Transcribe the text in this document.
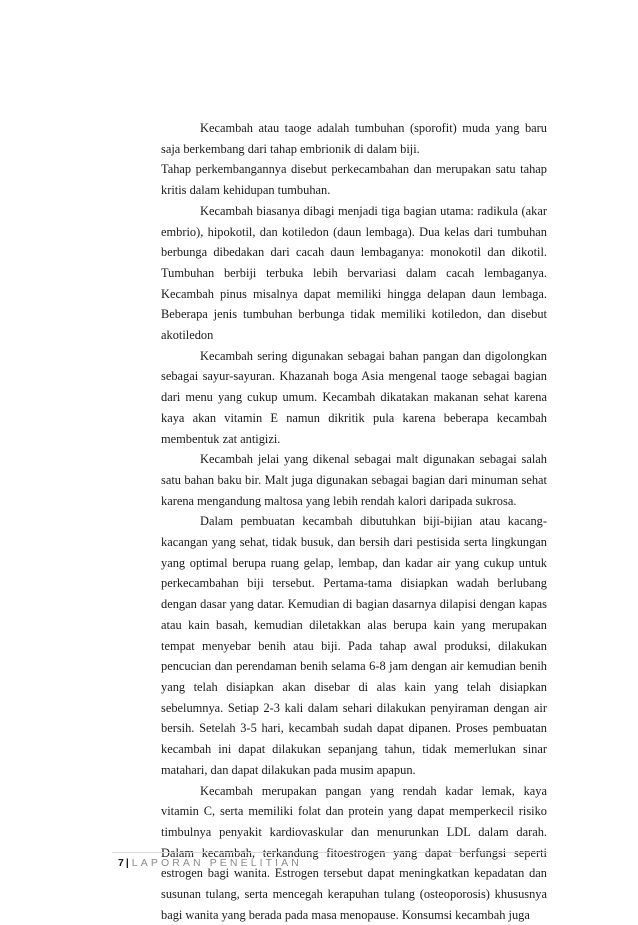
Kecambah atau taoge adalah tumbuhan (sporofit) muda yang baru saja berkembang dari tahap embrionik di dalam biji.

Tahap perkembangannya disebut perkecambahan dan merupakan satu tahap kritis dalam kehidupan tumbuhan.

Kecambah biasanya dibagi menjadi tiga bagian utama: radikula (akar embrio), hipokotil, dan kotiledon (daun lembaga). Dua kelas dari tumbuhan berbunga dibedakan dari cacah daun lembaganya: monokotil dan dikotil. Tumbuhan berbiji terbuka lebih bervariasi dalam cacah lembaganya. Kecambah pinus misalnya dapat memiliki hingga delapan daun lembaga. Beberapa jenis tumbuhan berbunga tidak memiliki kotiledon, dan disebut akotiledon

Kecambah sering digunakan sebagai bahan pangan dan digolongkan sebagai sayur-sayuran. Khazanah boga Asia mengenal taoge sebagai bagian dari menu yang cukup umum. Kecambah dikatakan makanan sehat karena kaya akan vitamin E namun dikritik pula karena beberapa kecambah membentuk zat antigizi.

Kecambah jelai yang dikenal sebagai malt digunakan sebagai salah satu bahan baku bir. Malt juga digunakan sebagai bagian dari minuman sehat karena mengandung maltosa yang lebih rendah kalori daripada sukrosa.

Dalam pembuatan kecambah dibutuhkan biji-bijian atau kacang-kacangan yang sehat, tidak busuk, dan bersih dari pestisida serta lingkungan yang optimal berupa ruang gelap, lembap, dan kadar air yang cukup untuk perkecambahan biji tersebut. Pertama-tama disiapkan wadah berlubang dengan dasar yang datar. Kemudian di bagian dasarnya dilapisi dengan kapas atau kain basah, kemudian diletakkan alas berupa kain yang merupakan tempat menyebar benih atau biji. Pada tahap awal produksi, dilakukan pencucian dan perendaman benih selama 6-8 jam dengan air kemudian benih yang telah disiapkan akan disebar di alas kain yang telah disiapkan sebelumnya. Setiap 2-3 kali dalam sehari dilakukan penyiraman dengan air bersih. Setelah 3-5 hari, kecambah sudah dapat dipanen. Proses pembuatan kecambah ini dapat dilakukan sepanjang tahun, tidak memerlukan sinar matahari, dan dapat dilakukan pada musim apapun.

Kecambah merupakan pangan yang rendah kadar lemak, kaya vitamin C, serta memiliki folat dan protein yang dapat memperkecil risiko timbulnya penyakit kardiovaskular dan menurunkan LDL dalam darah. Dalam kecambah, terkandung fitoestrogen yang dapat berfungsi seperti estrogen bagi wanita. Estrogen tersebut dapat meningkatkan kepadatan dan susunan tulang, serta mencegah kerapuhan tulang (osteoporosis) khususnya bagi wanita yang berada pada masa menopause. Konsumsi kecambah juga

7 | LAPORAN PENELITIAN
